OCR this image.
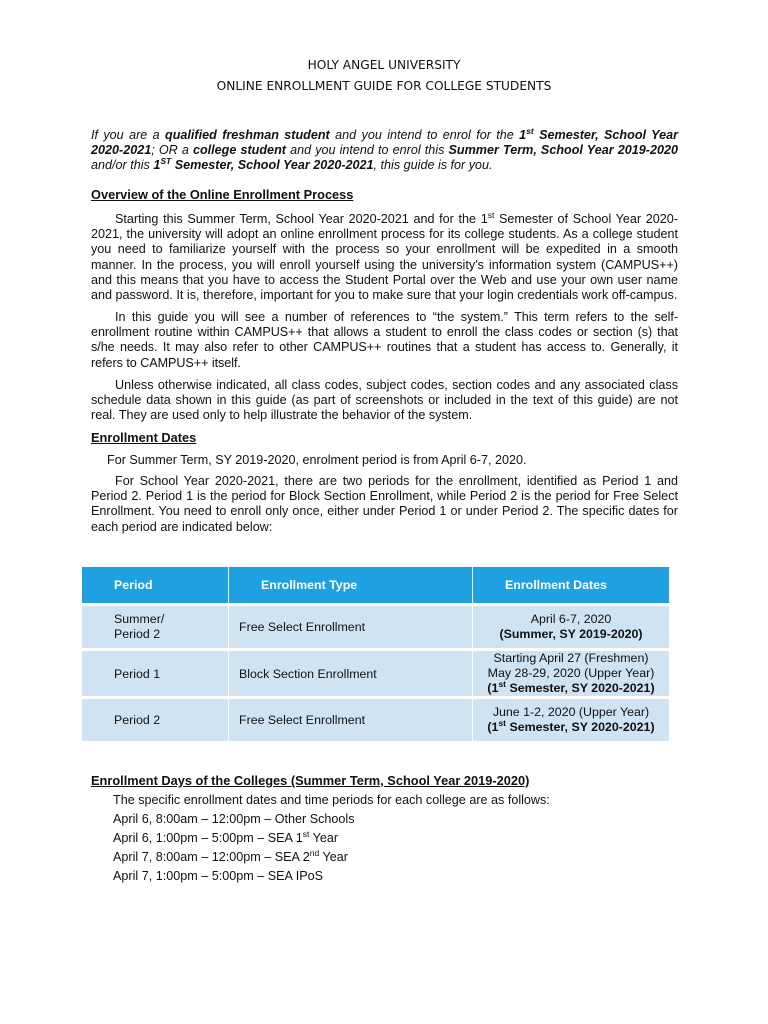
HOLY ANGEL UNIVERSITY
ONLINE ENROLLMENT GUIDE FOR COLLEGE STUDENTS
If you are a qualified freshman student and you intend to enrol for the 1st Semester, School Year 2020-2021; OR a college student and you intend to enrol this Summer Term, School Year 2019-2020 and/or this 1ST Semester, School Year 2020-2021, this guide is for you.
Overview of the Online Enrollment Process
Starting this Summer Term, School Year 2020-2021 and for the 1st Semester of School Year 2020-2021, the university will adopt an online enrollment process for its college students. As a college student you need to familiarize yourself with the process so your enrollment will be expedited in a smooth manner. In the process, you will enroll yourself using the university’s information system (CAMPUS++) and this means that you have to access the Student Portal over the Web and use your own user name and password. It is, therefore, important for you to make sure that your login credentials work off-campus.
In this guide you will see a number of references to “the system.” This term refers to the self- enrollment routine within CAMPUS++ that allows a student to enroll the class codes or section (s) that s/he needs. It may also refer to other CAMPUS++ routines that a student has access to. Generally, it refers to CAMPUS++ itself.
Unless otherwise indicated, all class codes, subject codes, section codes and any associated class schedule data shown in this guide (as part of screenshots or included in the text of this guide) are not real. They are used only to help illustrate the behavior of the system.
Enrollment Dates
For Summer Term, SY 2019-2020, enrolment period is from April 6-7, 2020.
For School Year 2020-2021, there are two periods for the enrollment, identified as Period 1 and Period 2. Period 1 is the period for Block Section Enrollment, while Period 2 is the period for Free Select Enrollment. You need to enroll only once, either under Period 1 or under Period 2. The specific dates for each period are indicated below:
Period	Enrollment Type	Enrollment Dates
Summer/
Period 2	Free Select Enrollment	April 6-7, 2020
(Summer, SY 2019-2020)
Period 1	Block Section Enrollment	Starting April 27 (Freshmen)
May 28-29, 2020 (Upper Year)
(1st Semester, SY 2020-2021)
Period 2	Free Select Enrollment	June 1-2, 2020 (Upper Year)
(1st Semester, SY 2020-2021)
Enrollment Days of the Colleges (Summer Term, School Year 2019-2020)
The specific enrollment dates and time periods for each college are as follows:
April 6, 8:00am – 12:00pm – Other Schools
April 6, 1:00pm – 5:00pm – SEA 1st Year
April 7, 8:00am – 12:00pm – SEA 2nd Year
April 7, 1:00pm – 5:00pm – SEA IPoS
